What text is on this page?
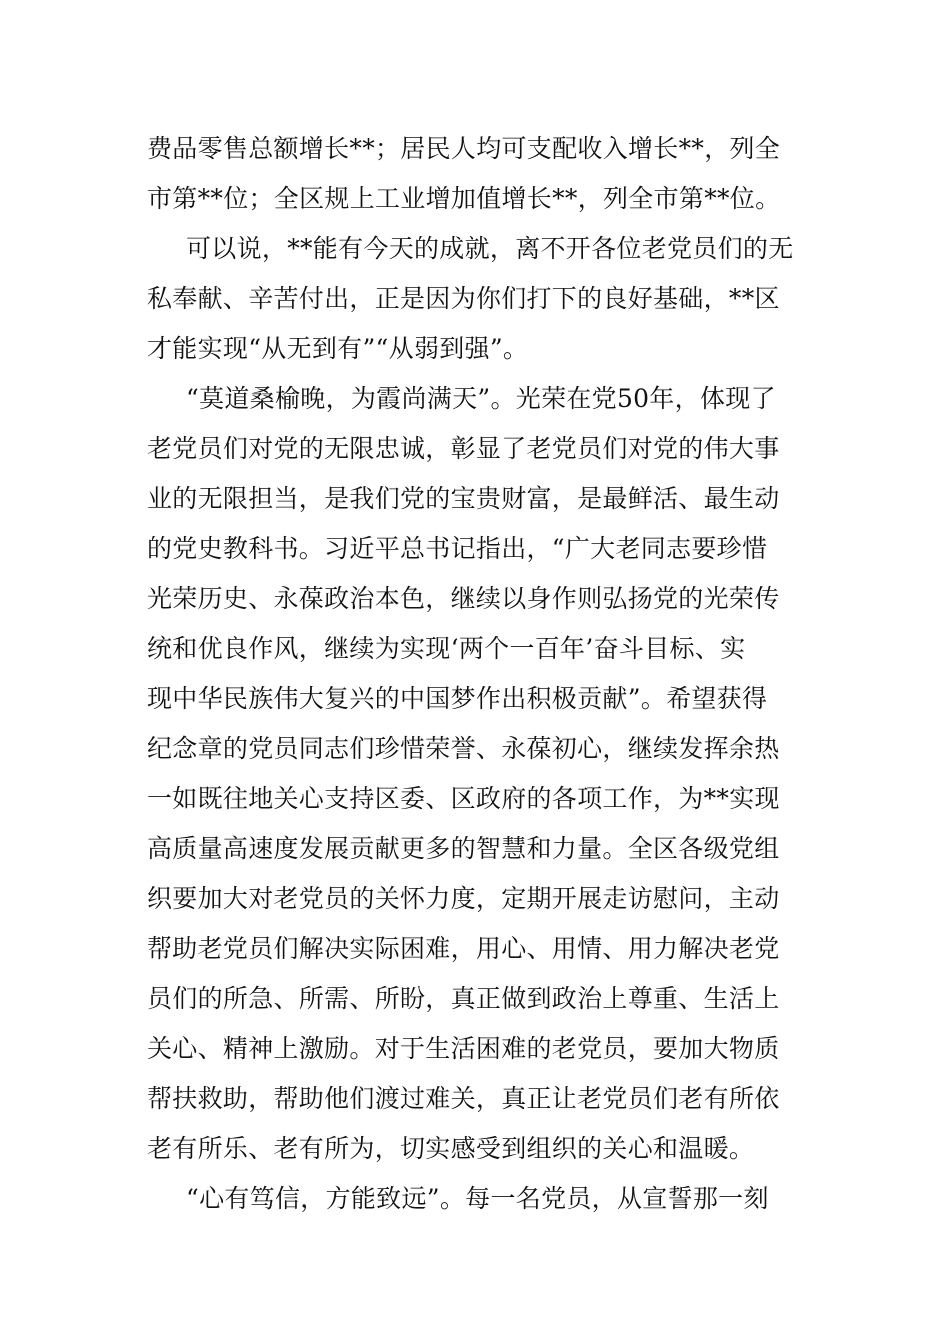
费品零售总额增长**；居民人均可支配收入增长**，列全
市第**位；全区规上工业增加值增长**，列全市第**位。
可以说，**能有今天的成就，离不开各位老党员们的无
私奉献、辛苦付出，正是因为你们打下的良好基础，**区
才能实现“从无到有”“从弱到强”。
“莫道桑榆晚，为霞尚满天”。光荣在党50年，体现了
老党员们对党的无限忠诚，彰显了老党员们对党的伟大事
业的无限担当，是我们党的宝贵财富，是最鲜活、最生动
的党史教科书。习近平总书记指出，“广大老同志要珍惜
光荣历史、永葆政治本色，继续以身作则弘扬党的光荣传
统和优良作风，继续为实现‘两个一百年’奋斗目标、实
现中华民族伟大复兴的中国梦作出积极贡献”。希望获得
纪念章的党员同志们珍惜荣誉、永葆初心，继续发挥余热
一如既往地关心支持区委、区政府的各项工作，为**实现
高质量高速度发展贡献更多的智慧和力量。全区各级党组
织要加大对老党员的关怀力度，定期开展走访慰问，主动
帮助老党员们解决实际困难，用心、用情、用力解决老党
员们的所急、所需、所盼，真正做到政治上尊重、生活上
关心、精神上激励。对于生活困难的老党员，要加大物质
帮扶救助，帮助他们渡过难关，真正让老党员们老有所依
老有所乐、老有所为，切实感受到组织的关心和温暖。
“心有笃信，方能致远”。每一名党员，从宣誓那一刻
